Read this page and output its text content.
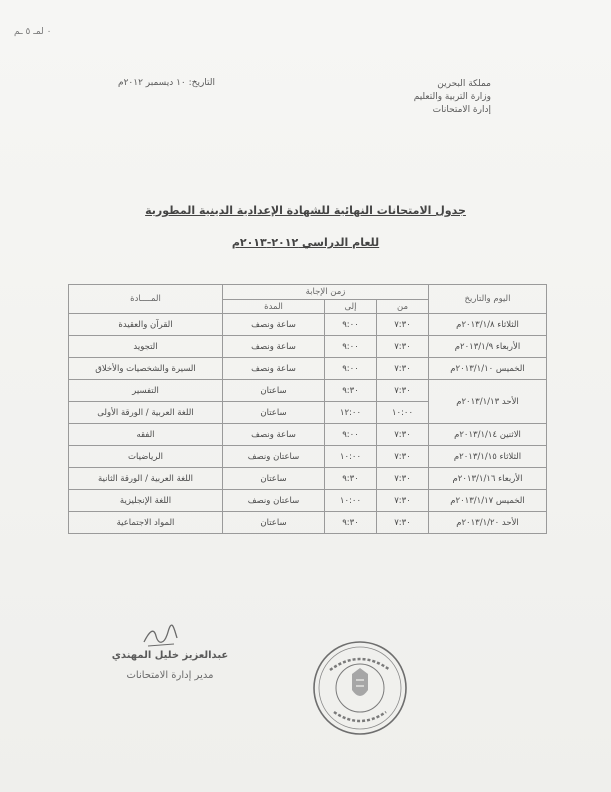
٠ لمـ ٥ ـم
مملكة البحرين
وزارة التربية والتعليم
إدارة الامتحانات
التاريخ: ١٠ ديسمبر ٢٠١٢م
جدول الامتحانات النهائية للشهادة الإعدادية الدينية المطورية
للعام الدراسي ٢٠١٢-٢٠١٣م
اليوم والتاريخ	زمن الإجابة			المــــادة
	من	إلى	المدة	
الثلاثاء ٢٠١٣/١/٨م	٧:٣٠	٩:٠٠	ساعة ونصف	القرآن والعقيدة
الأربعاء ٢٠١٣/١/٩م	٧:٣٠	٩:٠٠	ساعة ونصف	التجويد
الخميس ٢٠١٣/١/١٠م	٧:٣٠	٩:٠٠	ساعة ونصف	السيرة والشخصيات والأخلاق
الأحد ٢٠١٣/١/١٣م	٧:٣٠	٩:٣٠	ساعتان	التفسير
	١٠:٠٠	١٢:٠٠	ساعتان	اللغة العربية / الورقة الأولى
الاثنين ٢٠١٣/١/١٤م	٧:٣٠	٩:٠٠	ساعة ونصف	الفقه
الثلاثاء ٢٠١٣/١/١٥م	٧:٣٠	١٠:٠٠	ساعتان ونصف	الرياضيات
الأربعاء ٢٠١٣/١/١٦م	٧:٣٠	٩:٣٠	ساعتان	اللغة العربية / الورقة الثانية
الخميس ٢٠١٣/١/١٧م	٧:٣٠	١٠:٠٠	ساعتان ونصف	اللغة الإنجليزية
الأحد ٢٠١٣/١/٢٠م	٧:٣٠	٩:٣٠	ساعتان	المواد الاجتماعية
عبدالعزيز خليل المهندي
مدير إدارة الامتحانات
